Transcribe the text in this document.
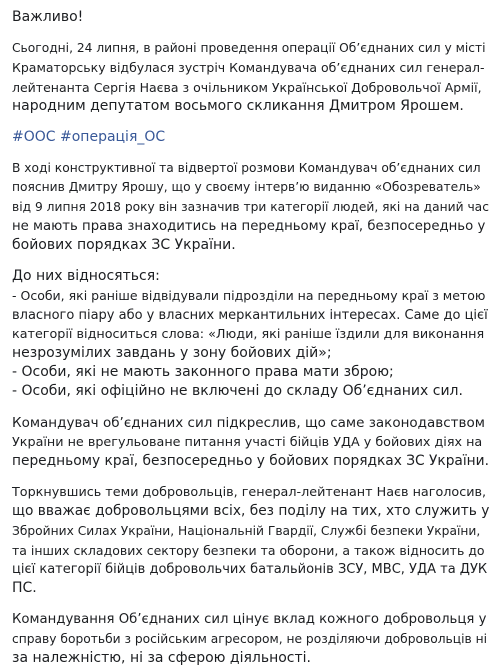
Важливо!

Сьогодні, 24 липня, в районі проведення операції Об’єднаних сил у місті
Краматорську відбулася зустріч Командувача об’єднаних сил генерал-
лейтенанта Сергія Наєва з очільником Української Добровольчої Армії,
народним депутатом восьмого скликання Дмитром Ярошем.

#ООС #операція_ОС

В ході конструктивної та відвертої розмови Командувач об’єднаних сил
пояснив Дмитру Ярошу, що у своєму інтерв’ю виданню «Обозреватель»
від 9 липня 2018 року він зазначив три категорії людей, які на даний час
не мають права знаходитись на передньому краї, безпосередньо у
бойових порядках ЗС України.

До них відносяться:
- Особи, які раніше відвідували підрозділи на передньому краї з метою
власного піару або у власних меркантильних інтересах. Саме до цієї
категорії відноситься слова: «Люди, які раніше їздили для виконання
незрозумілих завдань у зону бойових дій»;
- Особи, які не мають законного права мати зброю;
- Особи, які офіційно не включені до складу Об’єднаних сил.

Командувач об’єднаних сил підкреслив, що саме законодавством
України не врегульоване питання участі бійців УДА у бойових діях на
передньому краї, безпосередньо у бойових порядках ЗС України.

Торкнувшись теми добровольців, генерал-лейтенант Наєв наголосив,
що вважає добровольцями всіх, без поділу на тих, хто служить у
Збройних Силах України, Національній Гвардії, Службі безпеки України,
та інших складових сектору безпеки та оборони, а також відносить до
цієї категорії бійців добровольчих батальйонів ЗСУ, МВС, УДА та ДУК
ПС.

Командування Об’єднаних сил цінує вклад кожного добровольця у
справу боротьби з російським агресором, не розділяючи добровольців ні
за належністю, ні за сферою діяльності.
